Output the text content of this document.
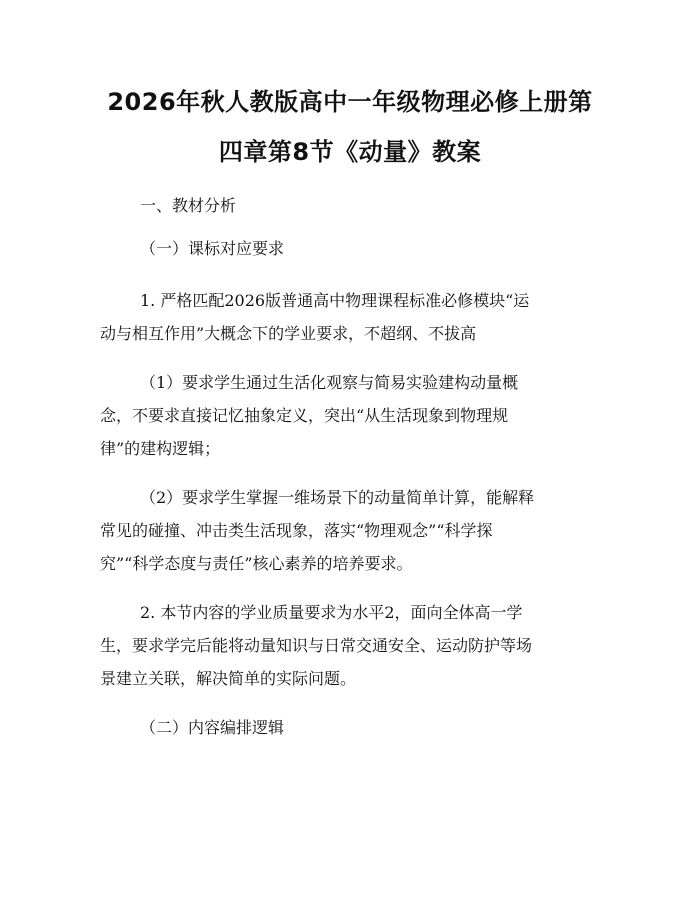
2026年秋人教版高中一年级物理必修上册第
四章第8节《动量》教案

一、教材分析

（一）课标对应要求

1. 严格匹配2026版普通高中物理课程标准必修模块“运

动与相互作用”大概念下的学业要求，不超纲、不拔高

（1）要求学生通过生活化观察与简易实验建构动量概

念，不要求直接记忆抽象定义，突出“从生活现象到物理规

律”的建构逻辑；

（2）要求学生掌握一维场景下的动量简单计算，能解释

常见的碰撞、冲击类生活现象，落实“物理观念”“科学探

究”“科学态度与责任”核心素养的培养要求。

2. 本节内容的学业质量要求为水平2，面向全体高一学

生，要求学完后能将动量知识与日常交通安全、运动防护等场

景建立关联，解决简单的实际问题。

（二）内容编排逻辑
